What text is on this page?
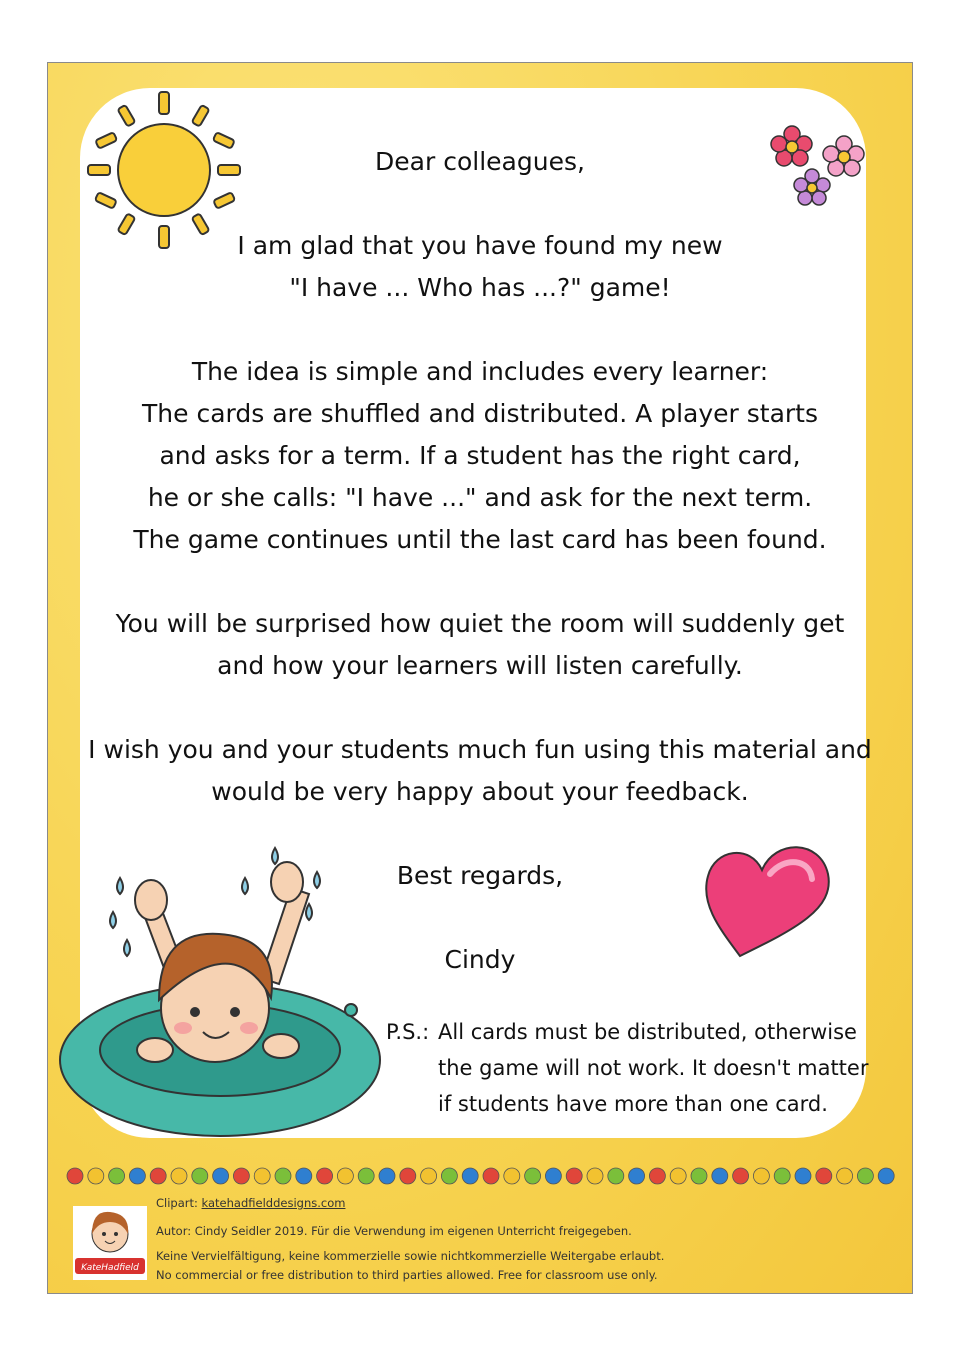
Dear colleagues,

I am glad that you have found my new

"I have ... Who has ...?" game!

The idea is simple and includes every learner:

The cards are shuffled and distributed. A player starts

and asks for a term. If a student has the right card,

he or she calls: "I have ..." and ask for the next term.

The game continues until the last card has been found.

You will be surprised how quiet the room will suddenly get

and how your learners will listen carefully.

I wish you and your students much fun using this material and

would be very happy about your feedback.

Best regards,

Cindy

P.S.: All cards must be distributed, otherwise
the game will not work. It doesn't matter
if students have more than one card.
KateHadfield
Clipart: katehadfielddesigns.com
Autor: Cindy Seidler 2019. Für die Verwendung im eigenen Unterricht freigegeben.
Keine Vervielfältigung, keine kommerzielle sowie nichtkommerzielle Weitergabe erlaubt.
No commercial or free distribution to third parties allowed. Free for classroom use only.
